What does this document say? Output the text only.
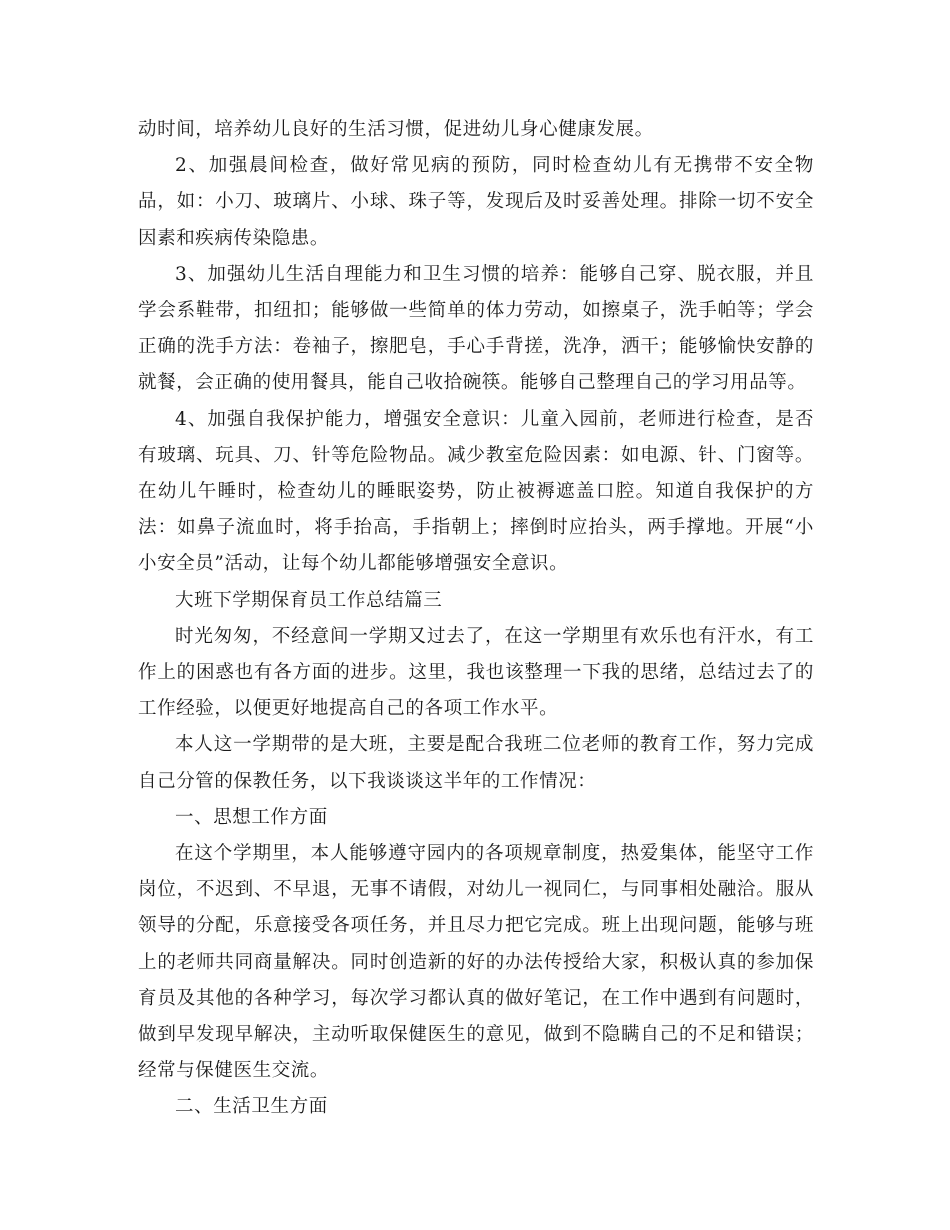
动时间，培养幼儿良好的生活习惯，促进幼儿身心健康发展。

2、加强晨间检查，做好常见病的预防，同时检查幼儿有无携带不安全物品，如：小刀、玻璃片、小球、珠子等，发现后及时妥善处理。排除一切不安全因素和疾病传染隐患。

3、加强幼儿生活自理能力和卫生习惯的培养：能够自己穿、脱衣服，并且学会系鞋带，扣纽扣；能够做一些简单的体力劳动，如擦桌子，洗手帕等；学会正确的洗手方法：卷袖子，擦肥皂，手心手背搓，洗净，洒干；能够愉快安静的就餐，会正确的使用餐具，能自己收拾碗筷。能够自己整理自己的学习用品等。

4、加强自我保护能力，增强安全意识：儿童入园前，老师进行检查，是否有玻璃、玩具、刀、针等危险物品。减少教室危险因素：如电源、针、门窗等。在幼儿午睡时，检查幼儿的睡眠姿势，防止被褥遮盖口腔。知道自我保护的方法：如鼻子流血时，将手抬高，手指朝上；摔倒时应抬头，两手撑地。开展“小小安全员”活动，让每个幼儿都能够增强安全意识。

大班下学期保育员工作总结篇三

时光匆匆，不经意间一学期又过去了，在这一学期里有欢乐也有汗水，有工作上的困惑也有各方面的进步。这里，我也该整理一下我的思绪，总结过去了的工作经验，以便更好地提高自己的各项工作水平。

本人这一学期带的是大班，主要是配合我班二位老师的教育工作，努力完成自己分管的保教任务，以下我谈谈这半年的工作情况：

一、思想工作方面

在这个学期里，本人能够遵守园内的各项规章制度，热爱集体，能坚守工作岗位，不迟到、不早退，无事不请假，对幼儿一视同仁，与同事相处融洽。服从领导的分配，乐意接受各项任务，并且尽力把它完成。班上出现问题，能够与班上的老师共同商量解决。同时创造新的好的办法传授给大家，积极认真的参加保育员及其他的各种学习，每次学习都认真的做好笔记，在工作中遇到有问题时，做到早发现早解决，主动听取保健医生的意见，做到不隐瞒自己的不足和错误；经常与保健医生交流。

二、生活卫生方面
